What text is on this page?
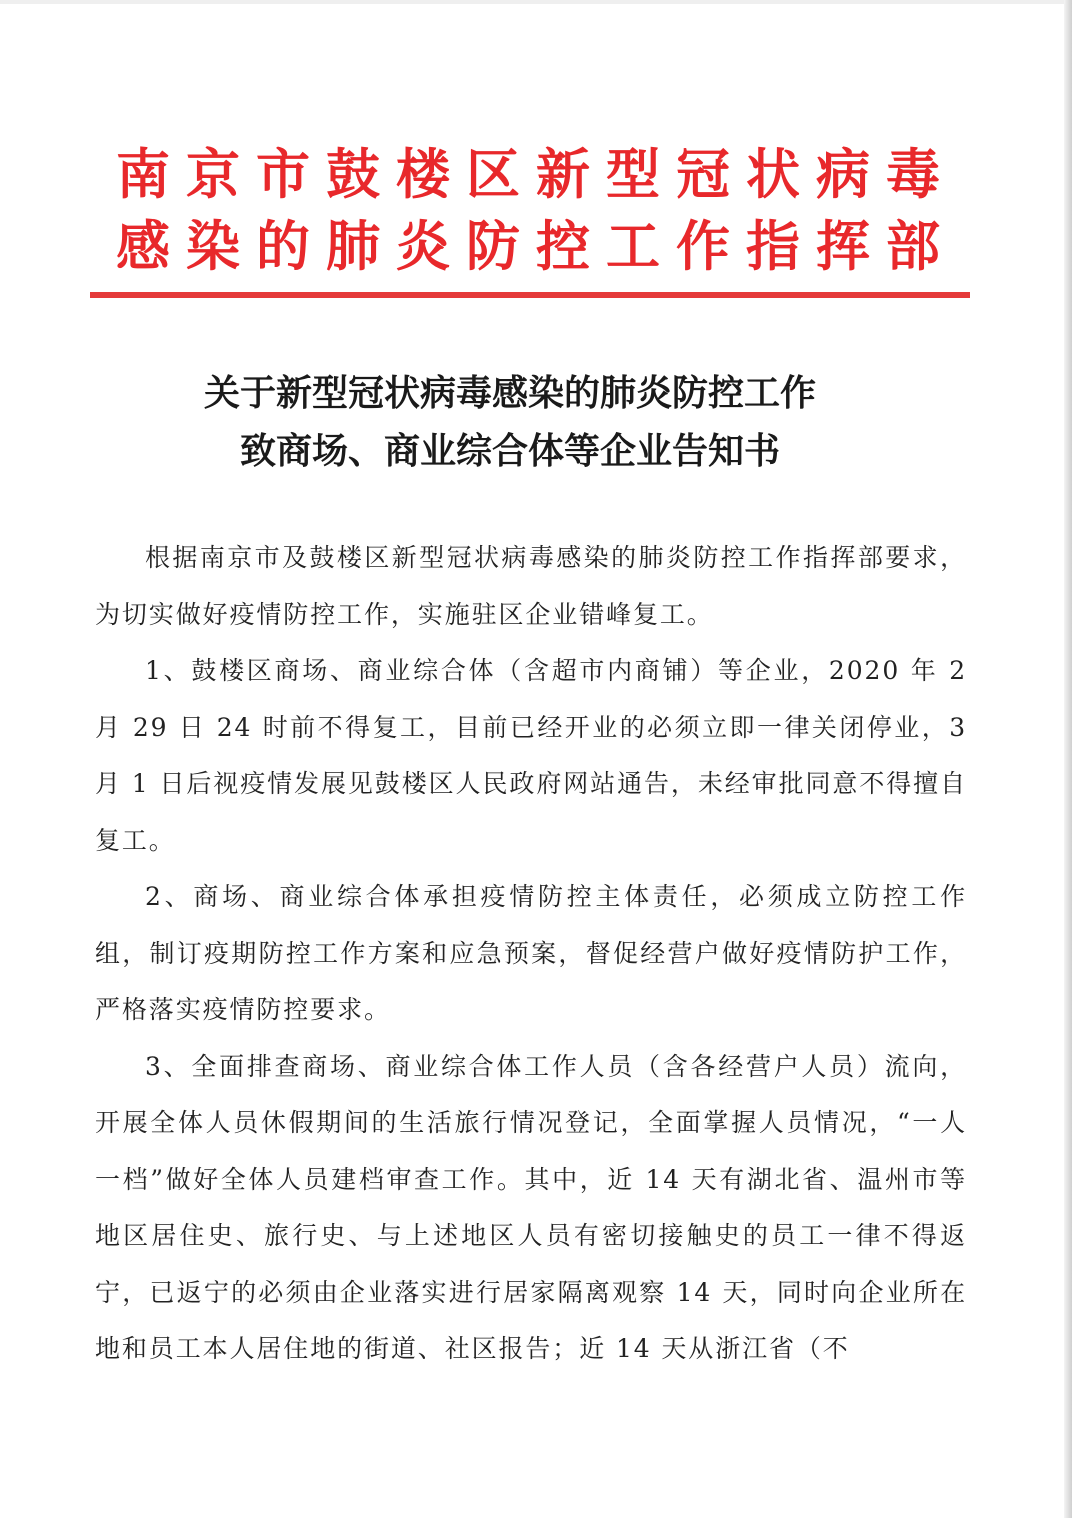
南京市鼓楼区新型冠状病毒
感染的肺炎防控工作指挥部
关于新型冠状病毒感染的肺炎防控工作
致商场、商业综合体等企业告知书

根据南京市及鼓楼区新型冠状病毒感染的肺炎防控工作指挥部要求，为切实做好疫情防控工作，实施驻区企业错峰复工。

1、鼓楼区商场、商业综合体（含超市内商铺）等企业，2020 年 2 月 29 日 24 时前不得复工，目前已经开业的必须立即一律关闭停业，3 月 1 日后视疫情发展见鼓楼区人民政府网站通告，未经审批同意不得擅自复工。

2、商场、商业综合体承担疫情防控主体责任，必须成立防控工作组，制订疫期防控工作方案和应急预案，督促经营户做好疫情防护工作，严格落实疫情防控要求。

3、全面排查商场、商业综合体工作人员（含各经营户人员）流向，开展全体人员休假期间的生活旅行情况登记，全面掌握人员情况，“一人一档”做好全体人员建档审查工作。其中，近 14 天有湖北省、温州市等地区居住史、旅行史、与上述地区人员有密切接触史的员工一律不得返宁，已返宁的必须由企业落实进行居家隔离观察 14 天，同时向企业所在地和员工本人居住地的街道、社区报告；近 14 天从浙江省（不
